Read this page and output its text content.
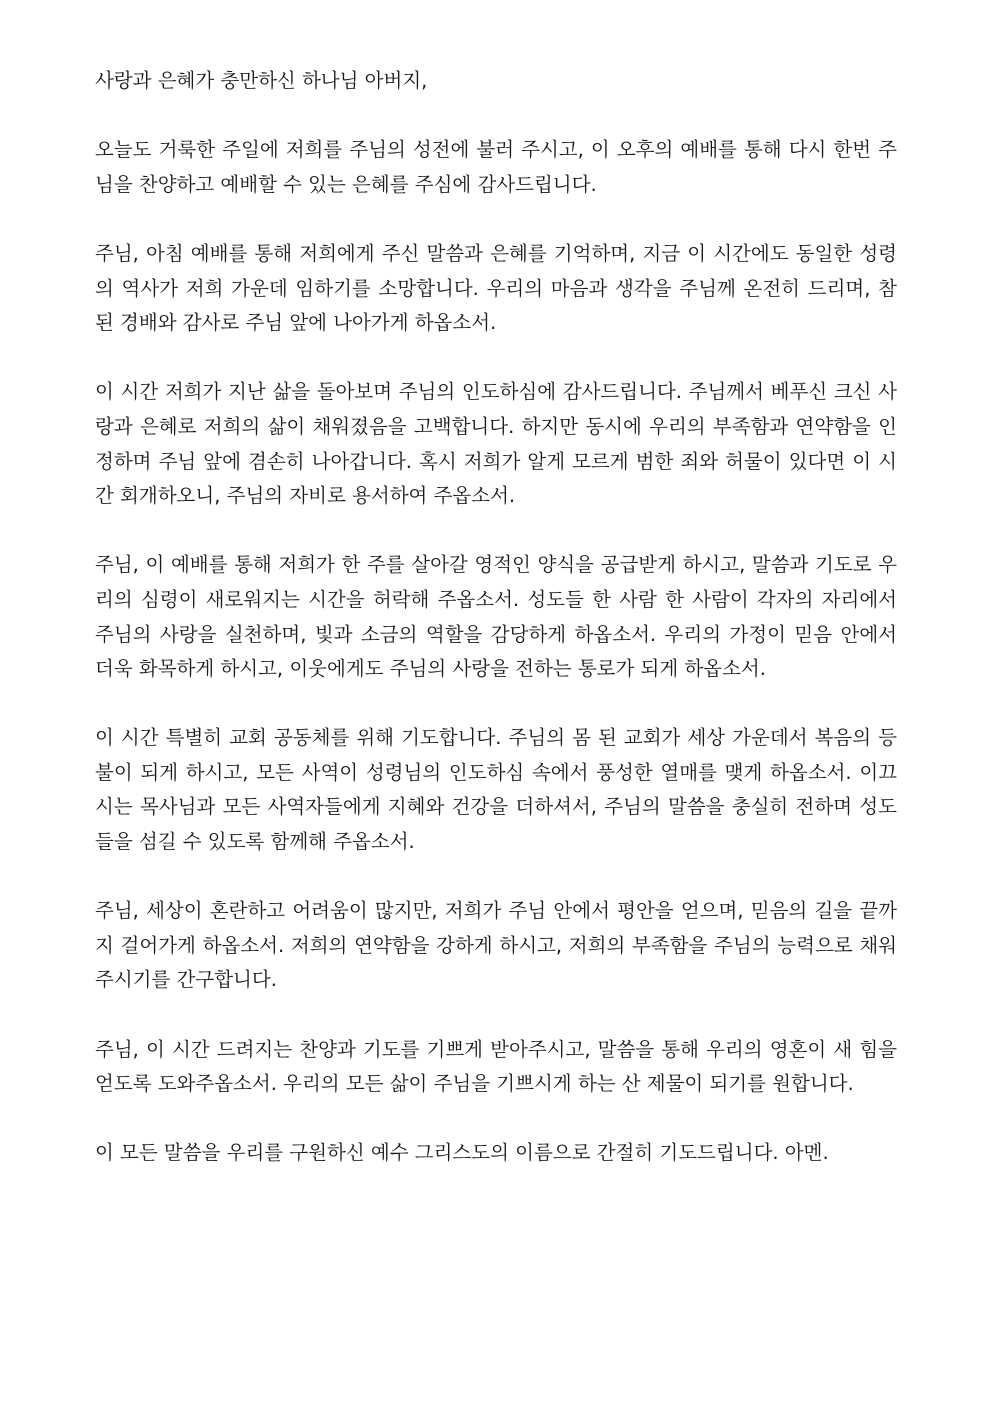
사랑과 은혜가 충만하신 하나님 아버지,

오늘도 거룩한 주일에 저희를 주님의 성전에 불러 주시고, 이 오후의 예배를 통해 다시 한번 주님을 찬양하고 예배할 수 있는 은혜를 주심에 감사드립니다.

주님, 아침 예배를 통해 저희에게 주신 말씀과 은혜를 기억하며, 지금 이 시간에도 동일한 성령의 역사가 저희 가운데 임하기를 소망합니다. 우리의 마음과 생각을 주님께 온전히 드리며, 참된 경배와 감사로 주님 앞에 나아가게 하옵소서.

이 시간 저희가 지난 삶을 돌아보며 주님의 인도하심에 감사드립니다. 주님께서 베푸신 크신 사랑과 은혜로 저희의 삶이 채워졌음을 고백합니다. 하지만 동시에 우리의 부족함과 연약함을 인정하며 주님 앞에 겸손히 나아갑니다. 혹시 저희가 알게 모르게 범한 죄와 허물이 있다면 이 시간 회개하오니, 주님의 자비로 용서하여 주옵소서.

주님, 이 예배를 통해 저희가 한 주를 살아갈 영적인 양식을 공급받게 하시고, 말씀과 기도로 우리의 심령이 새로워지는 시간을 허락해 주옵소서. 성도들 한 사람 한 사람이 각자의 자리에서 주님의 사랑을 실천하며, 빛과 소금의 역할을 감당하게 하옵소서. 우리의 가정이 믿음 안에서 더욱 화목하게 하시고, 이웃에게도 주님의 사랑을 전하는 통로가 되게 하옵소서.

이 시간 특별히 교회 공동체를 위해 기도합니다. 주님의 몸 된 교회가 세상 가운데서 복음의 등불이 되게 하시고, 모든 사역이 성령님의 인도하심 속에서 풍성한 열매를 맺게 하옵소서. 이끄시는 목사님과 모든 사역자들에게 지혜와 건강을 더하셔서, 주님의 말씀을 충실히 전하며 성도들을 섬길 수 있도록 함께해 주옵소서.

주님, 세상이 혼란하고 어려움이 많지만, 저희가 주님 안에서 평안을 얻으며, 믿음의 길을 끝까지 걸어가게 하옵소서. 저희의 연약함을 강하게 하시고, 저희의 부족함을 주님의 능력으로 채워 주시기를 간구합니다.

주님, 이 시간 드려지는 찬양과 기도를 기쁘게 받아주시고, 말씀을 통해 우리의 영혼이 새 힘을 얻도록 도와주옵소서. 우리의 모든 삶이 주님을 기쁘시게 하는 산 제물이 되기를 원합니다.

이 모든 말씀을 우리를 구원하신 예수 그리스도의 이름으로 간절히 기도드립니다. 아멘.
